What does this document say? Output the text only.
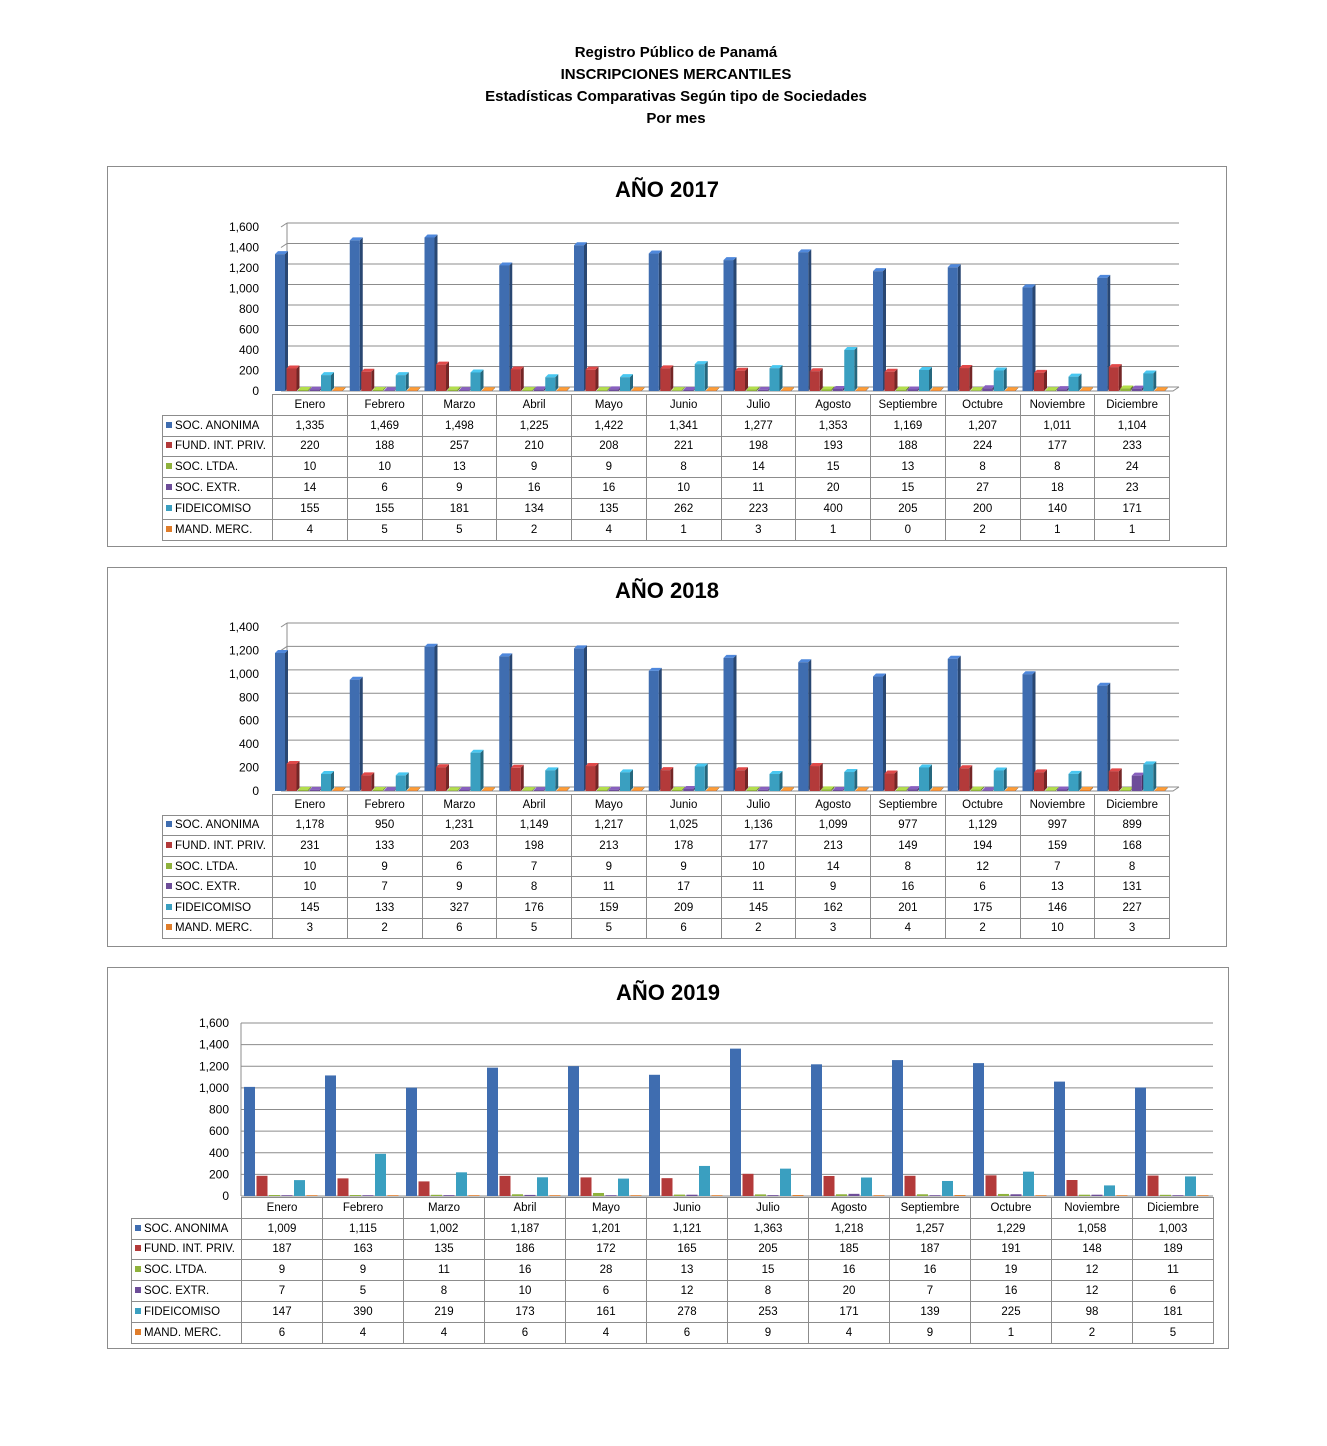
Registro Público de Panamá
INSCRIPCIONES MERCANTILES
Estadísticas Comparativas Según tipo de Sociedades
Por mes
AÑO 2017
0
200
400
600
800
1,000
1,200
1,400
1,600
	Enero	Febrero	Marzo	Abril	Mayo	Junio	Julio	Agosto	Septiembre	Octubre	Noviembre	Diciembre
SOC. ANONIMA	1,335	1,469	1,498	1,225	1,422	1,341	1,277	1,353	1,169	1,207	1,011	1,104
FUND. INT. PRIV.	220	188	257	210	208	221	198	193	188	224	177	233
SOC. LTDA.	10	10	13	9	9	8	14	15	13	8	8	24
SOC. EXTR.	14	6	9	16	16	10	11	20	15	27	18	23
FIDEICOMISO	155	155	181	134	135	262	223	400	205	200	140	171
MAND. MERC.	4	5	5	2	4	1	3	1	0	2	1	1
AÑO 2018
0
200
400
600
800
1,000
1,200
1,400
	Enero	Febrero	Marzo	Abril	Mayo	Junio	Julio	Agosto	Septiembre	Octubre	Noviembre	Diciembre
SOC. ANONIMA	1,178	950	1,231	1,149	1,217	1,025	1,136	1,099	977	1,129	997	899
FUND. INT. PRIV.	231	133	203	198	213	178	177	213	149	194	159	168
SOC. LTDA.	10	9	6	7	9	9	10	14	8	12	7	8
SOC. EXTR.	10	7	9	8	11	17	11	9	16	6	13	131
FIDEICOMISO	145	133	327	176	159	209	145	162	201	175	146	227
MAND. MERC.	3	2	6	5	5	6	2	3	4	2	10	3
AÑO 2019
0
200
400
600
800
1,000
1,200
1,400
1,600
	Enero	Febrero	Marzo	Abril	Mayo	Junio	Julio	Agosto	Septiembre	Octubre	Noviembre	Diciembre
SOC. ANONIMA	1,009	1,115	1,002	1,187	1,201	1,121	1,363	1,218	1,257	1,229	1,058	1,003
FUND. INT. PRIV.	187	163	135	186	172	165	205	185	187	191	148	189
SOC. LTDA.	9	9	11	16	28	13	15	16	16	19	12	11
SOC. EXTR.	7	5	8	10	6	12	8	20	7	16	12	6
FIDEICOMISO	147	390	219	173	161	278	253	171	139	225	98	181
MAND. MERC.	6	4	4	6	4	6	9	4	9	1	2	5
